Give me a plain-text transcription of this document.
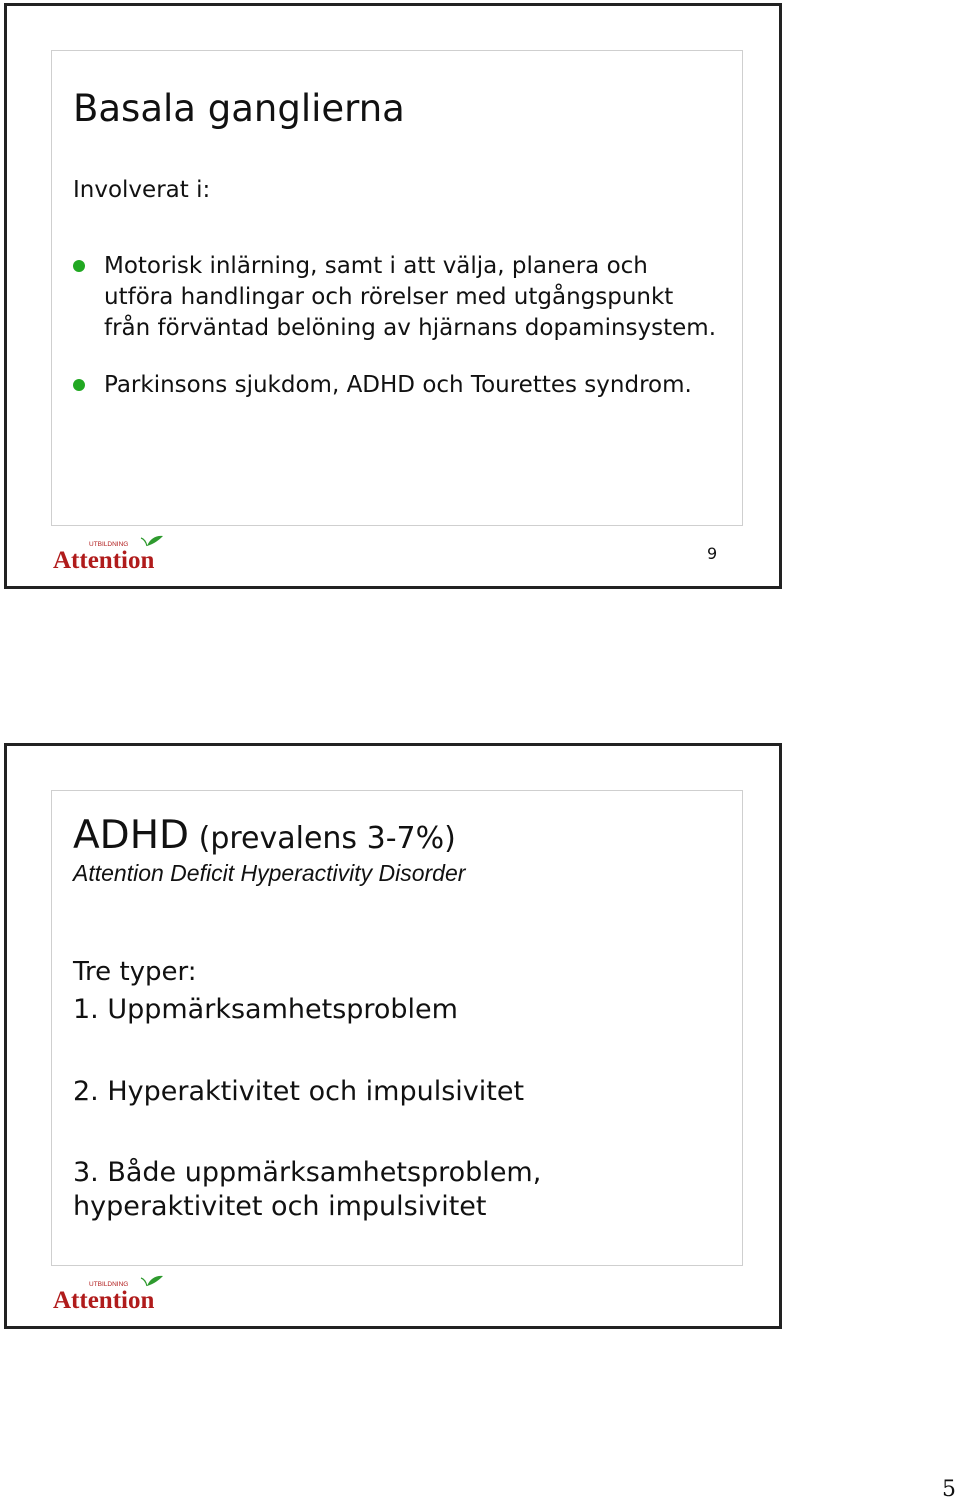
Basala ganglierna
Involverat i:
Motorisk inlärning, samt i att välja, planera och utföra handlingar och rörelser med utgångspunkt från förväntad belöning av hjärnans dopaminsystem.
Parkinsons sjukdom, ADHD och Tourettes syndrom.
UTBILDNING
Attention	9
ADHD (prevalens 3-7%)
Attention Deficit Hyperactivity Disorder
Tre typer:
1. Uppmärksamhetsproblem
2. Hyperaktivitet och impulsivitet
3. Både uppmärksamhetsproblem, hyperaktivitet och impulsivitet
UTBILDNING
Attention
5
